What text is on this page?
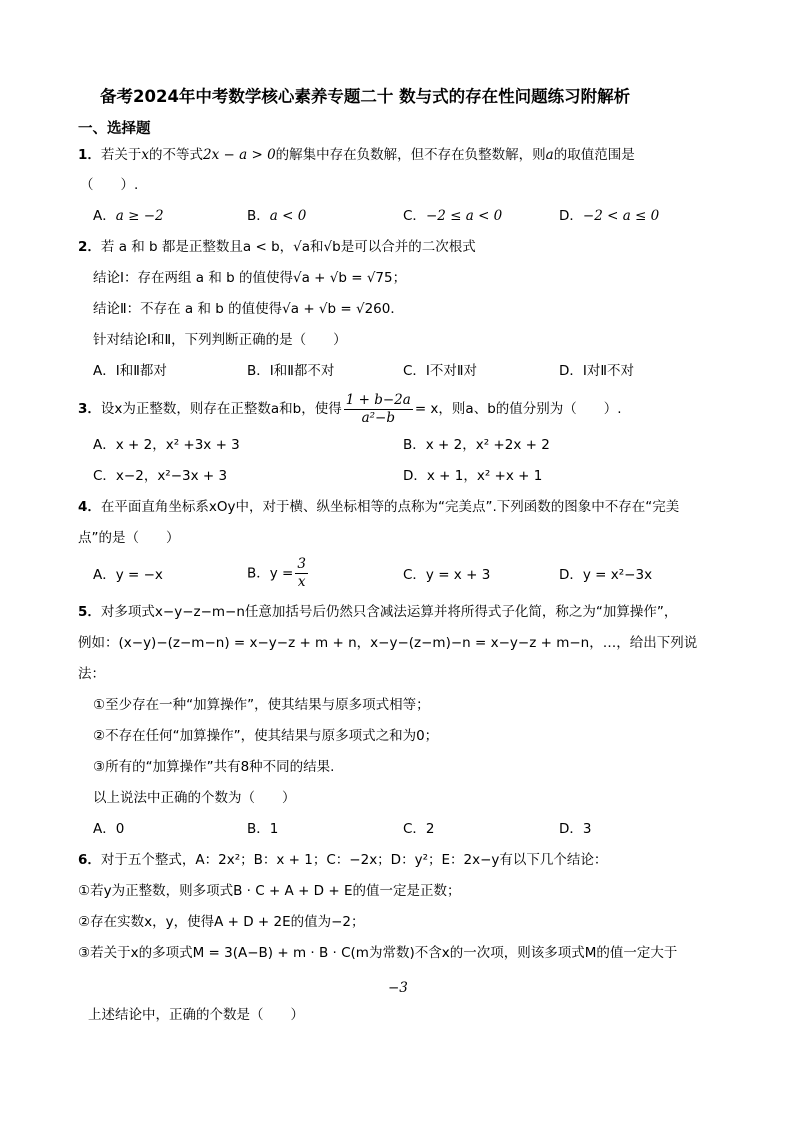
备考2024年中考数学核心素养专题二十 数与式的存在性问题练习附解析
一、选择题
1．若关于x的不等式2x − a > 0的解集中存在负数解，但不存在负整数解，则a的取值范围是
（　　）.
A．a ≥ −2	B．a < 0	C．−2 ≤ a < 0	D．−2 < a ≤ 0
2．若 a 和 b 都是正整数且a < b，√a和√b是可以合并的二次根式
结论Ⅰ：存在两组 a 和 b 的值使得√a + √b = √75；
结论Ⅱ：不存在 a 和 b 的值使得√a + √b = √260．
针对结论Ⅰ和Ⅱ，下列判断正确的是（　　）
A．Ⅰ和Ⅱ都对	B．Ⅰ和Ⅱ都不对	C．Ⅰ不对Ⅱ对	D．Ⅰ对Ⅱ不对
3．设x为正整数，则存在正整数a和b，使得 $\frac{1 + b-2a}{\text{a²−b}} = x$，则a、b的值分别为（　　）.
A．x + 2，x² +3x + 3	B．x + 2，x² +2x + 2
C．x−2，x²−3x + 3	D．x + 1，x² +x + 1
4．在平面直角坐标系xOy中，对于横、纵坐标相等的点称为“完美点”.下列函数的图象中不存在“完美
点”的是（　　）
A．y = −x	B．$y = \frac{3}{x}$	C．y = x + 3	D．y = x²−3x
5．对多项式x−y−z−m−n任意加括号后仍然只含减法运算并将所得式子化简，称之为“加算操作”，
例如：(x−y)−(z−m−n) = x−y−z + m + n，x−y−(z−m)−n = x−y−z + m−n，…，给出下列说
法：
①至少存在一种“加算操作”，使其结果与原多项式相等；
②不存在任何“加算操作”，使其结果与原多项式之和为0；
③所有的“加算操作”共有8种不同的结果.
以上说法中正确的个数为（　　）
A．0	B．1	C．2	D．3
6．对于五个整式，A：2x²；B：x + 1；C：−2x；D：y²；E：2x−y有以下几个结论：
①若y为正整数，则多项式B · C + A + D + E的值一定是正数；
②存在实数x，y，使得A + D + 2E的值为−2；
③若关于x的多项式M = 3(A−B) + m · B · C(m为常数)不含x的一次项，则该多项式M的值一定大于
−3
上述结论中，正确的个数是（　　）
